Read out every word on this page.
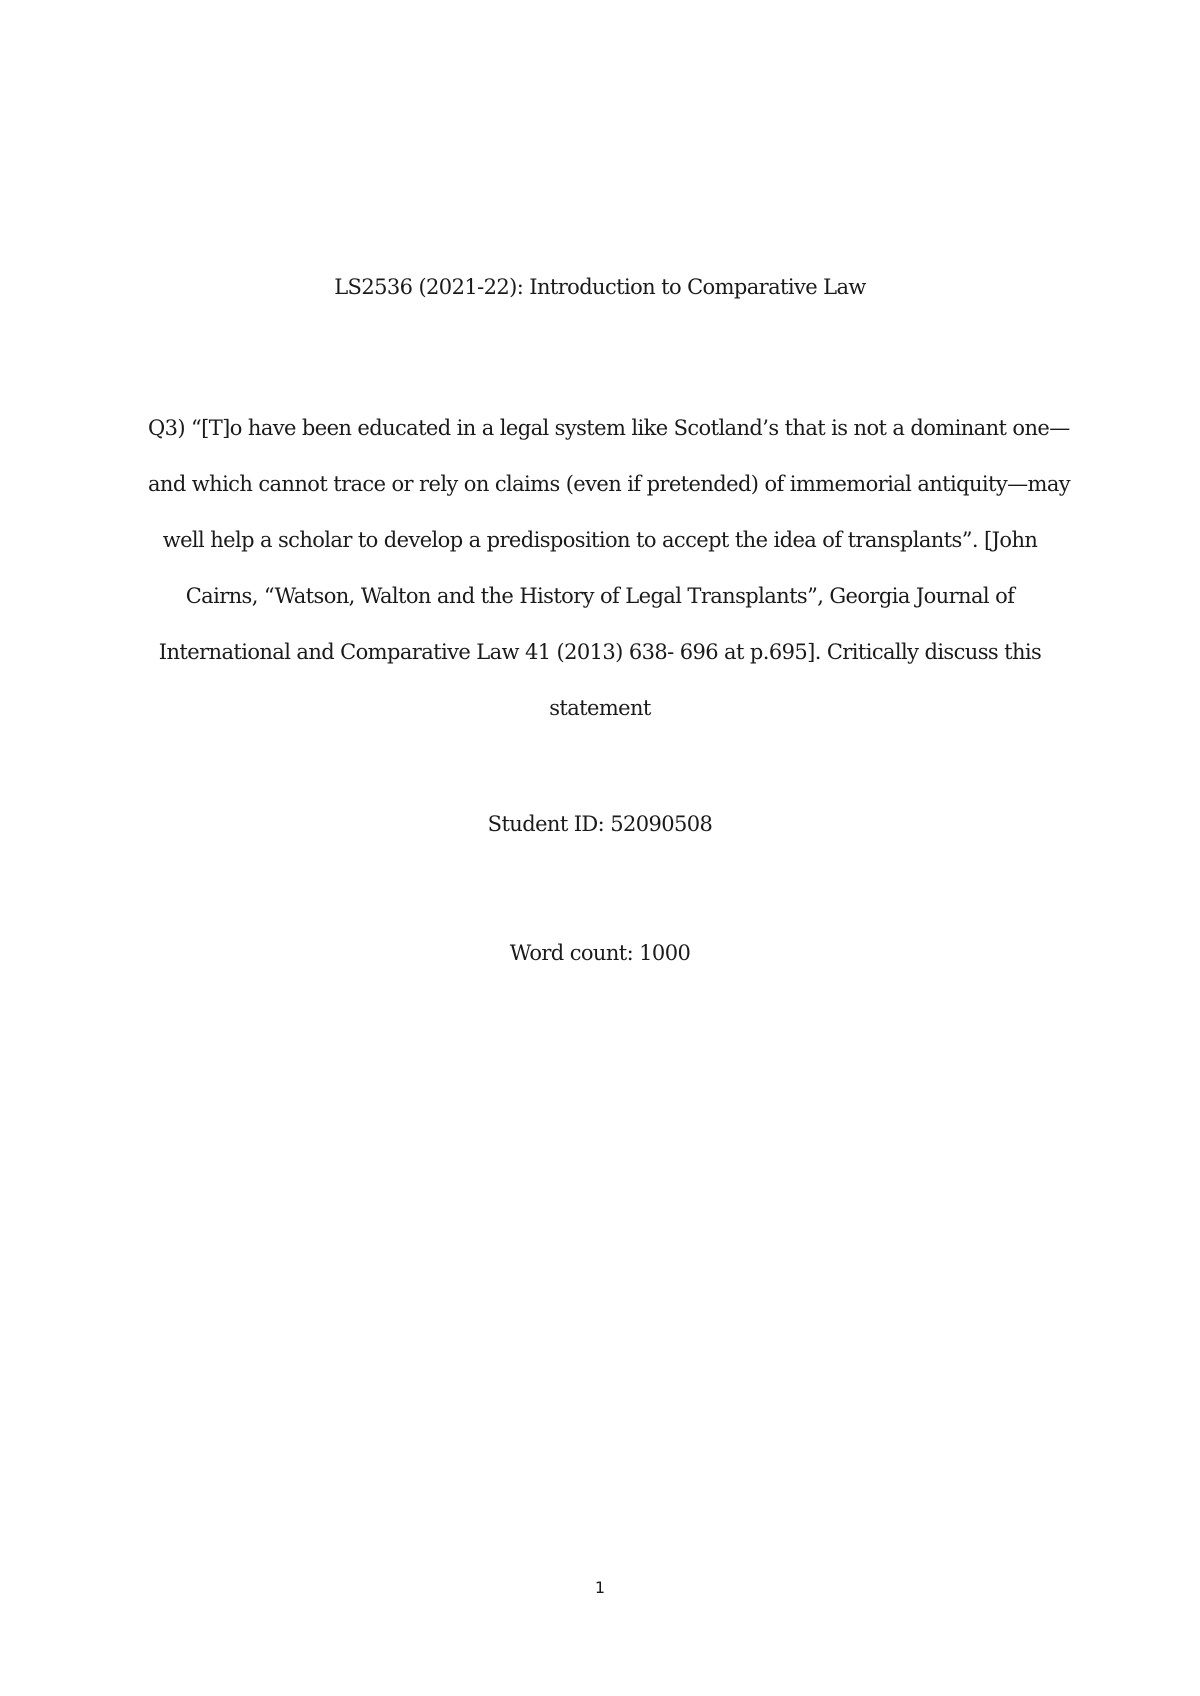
LS2536 (2021-22): Introduction to Comparative Law
Q3) “[T]o have been educated in a legal system like Scotland’s that is not a dominant one—
and which cannot trace or rely on claims (even if pretended) of immemorial antiquity—may
well help a scholar to develop a predisposition to accept the idea of transplants”. [John
Cairns, “Watson, Walton and the History of Legal Transplants”, Georgia Journal of
International and Comparative Law 41 (2013) 638- 696 at p.695]. Critically discuss this
statement
Student ID: 52090508
Word count: 1000
1
